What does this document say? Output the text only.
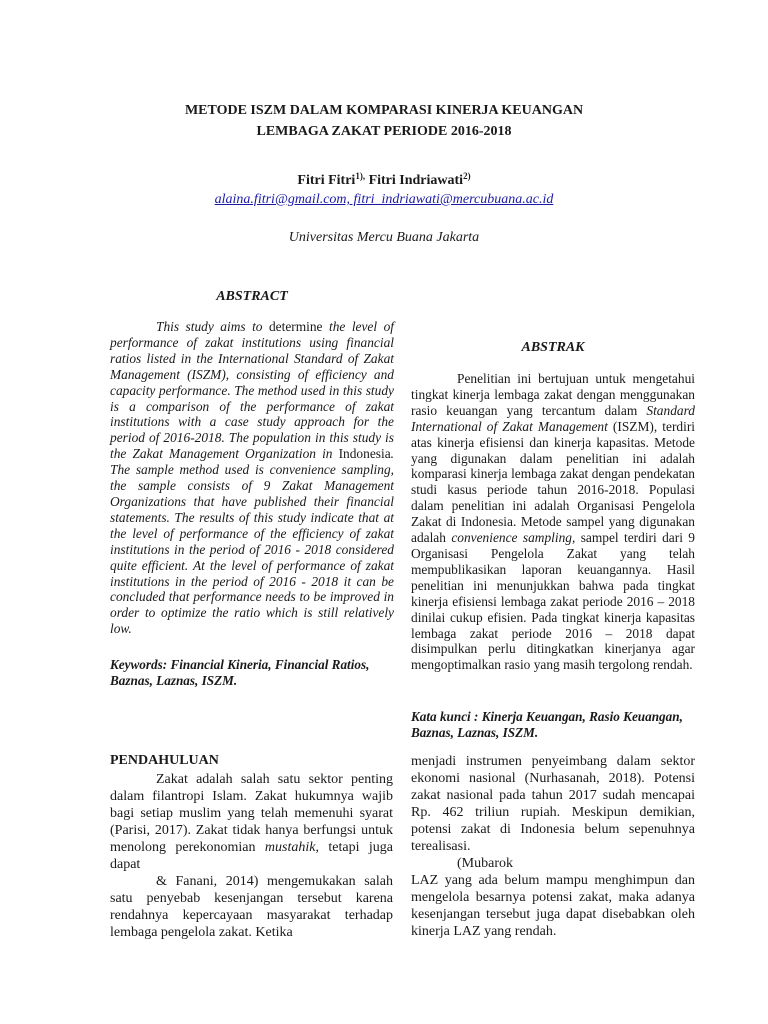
METODE ISZM DALAM KOMPARASI KINERJA KEUANGAN
LEMBAGA ZAKAT PERIODE 2016-2018
Fitri Fitri$^{1),}$ Fitri Indriawati$^{2)}$
alaina.fitri@gmail.com, fitri_indriawati@mercubuana.ac.id
Universitas Mercu Buana Jakarta
ABSTRACT

This study aims to determine the level of performance of zakat institutions using financial ratios listed in the International Standard of Zakat Management (ISZM), consisting of efficiency and capacity performance. The method used in this study is a comparison of the performance of zakat institutions with a case study approach for the period of 2016-2018. The population in this study is the Zakat Management Organization in Indonesia. The sample method used is convenience sampling, the sample consists of 9 Zakat Management Organizations that have published their financial statements. The results of this study indicate that at the level of performance of the efficiency of zakat institutions in the period of 2016 - 2018 considered quite efficient. At the level of performance of zakat institutions in the period of 2016 - 2018 it can be concluded that performance needs to be improved in order to optimize the ratio which is still relatively low.

Keywords: Financial Kineria, Financial Ratios, Baznas, Laznas, ISZM.
ABSTRAK

Penelitian ini bertujuan untuk mengetahui tingkat kinerja lembaga zakat dengan menggunakan rasio keuangan yang tercantum dalam Standard International of Zakat Management (ISZM), terdiri atas kinerja efisiensi dan kinerja kapasitas. Metode yang digunakan dalam penelitian ini adalah komparasi kinerja lembaga zakat dengan pendekatan studi kasus periode tahun 2016-2018. Populasi dalam penelitian ini adalah Organisasi Pengelola Zakat di Indonesia. Metode sampel yang digunakan adalah convenience sampling, sampel terdiri dari 9 Organisasi Pengelola Zakat yang telah mempublikasikan laporan keuangannya. Hasil penelitian ini menunjukkan bahwa pada tingkat kinerja efisiensi lembaga zakat periode 2016 – 2018 dinilai cukup efisien. Pada tingkat kinerja kapasitas lembaga zakat periode 2016 – 2018 dapat disimpulkan perlu ditingkatkan kinerjanya agar mengoptimalkan rasio yang masih tergolong rendah.

Kata kunci : Kinerja Keuangan, Rasio Keuangan, Baznas, Laznas, ISZM.
PENDAHULUAN

Zakat adalah salah satu sektor penting dalam filantropi Islam. Zakat hukumnya wajib bagi setiap muslim yang telah memenuhi syarat (Parisi, 2017). Zakat tidak hanya berfungsi untuk menolong perekonomian mustahik, tetapi juga dapat

& Fanani, 2014) mengemukakan salah satu penyebab kesenjangan tersebut karena rendahnya kepercayaan masyarakat terhadap lembaga pengelola zakat. Ketika

menjadi instrumen penyeimbang dalam sektor ekonomi nasional (Nurhasanah, 2018). Potensi zakat nasional pada tahun 2017 sudah mencapai Rp. 462 triliun rupiah. Meskipun demikian, potensi zakat di Indonesia belum sepenuhnya terealisasi.

(Mubarok

LAZ yang ada belum mampu menghimpun dan mengelola besarnya potensi zakat, maka adanya kesenjangan tersebut juga dapat disebabkan oleh kinerja LAZ yang rendah.
